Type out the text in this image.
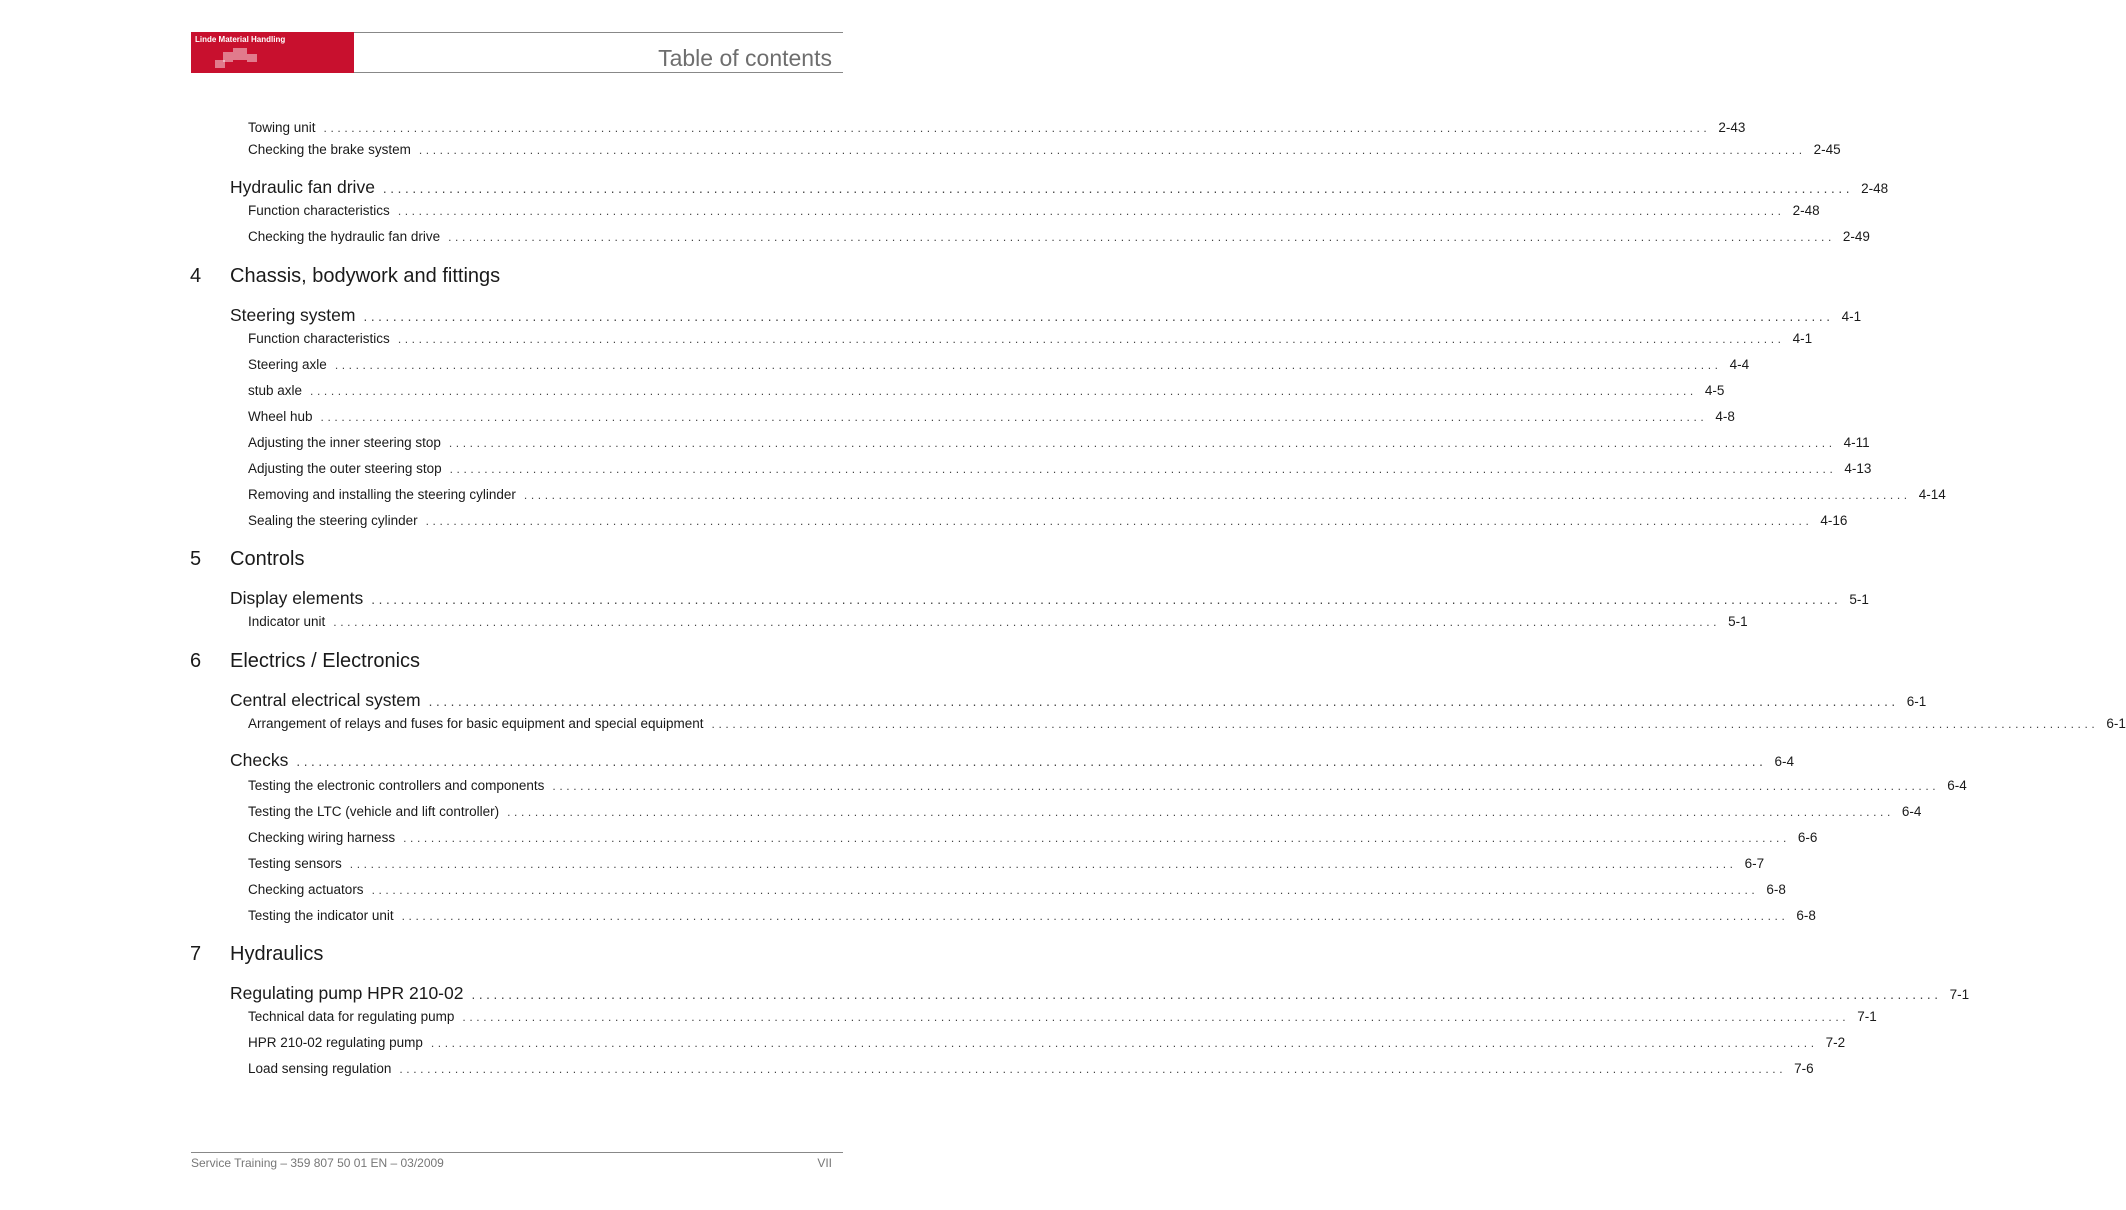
Linde Material Handling
Table of contents
Towing unit ........................................................................................................................................................................................................ 2-43
Checking the brake system ........................................................................................................................................................................................................ 2-45
Hydraulic fan drive ........................................................................................................................................................................................................ 2-48
Function characteristics ........................................................................................................................................................................................................ 2-48
Checking the hydraulic fan drive ........................................................................................................................................................................................................ 2-49
4	Chassis, bodywork and fittings
Steering system ........................................................................................................................................................................................................ 4-1
Function characteristics ........................................................................................................................................................................................................ 4-1
Steering axle ........................................................................................................................................................................................................ 4-4
stub axle ........................................................................................................................................................................................................ 4-5
Wheel hub ........................................................................................................................................................................................................ 4-8
Adjusting the inner steering stop ........................................................................................................................................................................................................ 4-11
Adjusting the outer steering stop ........................................................................................................................................................................................................ 4-13
Removing and installing the steering cylinder ........................................................................................................................................................................................................ 4-14
Sealing the steering cylinder ........................................................................................................................................................................................................ 4-16
5	Controls
Display elements ........................................................................................................................................................................................................ 5-1
Indicator unit ........................................................................................................................................................................................................ 5-1
6	Electrics / Electronics
Central electrical system ........................................................................................................................................................................................................ 6-1
Arrangement of relays and fuses for basic equipment and special equipment ........................................................................................................................................................................................................ 6-1
Checks ........................................................................................................................................................................................................ 6-4
Testing the electronic controllers and components ........................................................................................................................................................................................................ 6-4
Testing the LTC (vehicle and lift controller) ........................................................................................................................................................................................................ 6-4
Checking wiring harness ........................................................................................................................................................................................................ 6-6
Testing sensors ........................................................................................................................................................................................................ 6-7
Checking actuators ........................................................................................................................................................................................................ 6-8
Testing the indicator unit ........................................................................................................................................................................................................ 6-8
7	Hydraulics
Regulating pump HPR 210-02 ........................................................................................................................................................................................................ 7-1
Technical data for regulating pump ........................................................................................................................................................................................................ 7-1
HPR 210-02 regulating pump ........................................................................................................................................................................................................ 7-2
Load sensing regulation ........................................................................................................................................................................................................ 7-6
Service Training – 359 807 50 01 EN – 03/2009	VII
